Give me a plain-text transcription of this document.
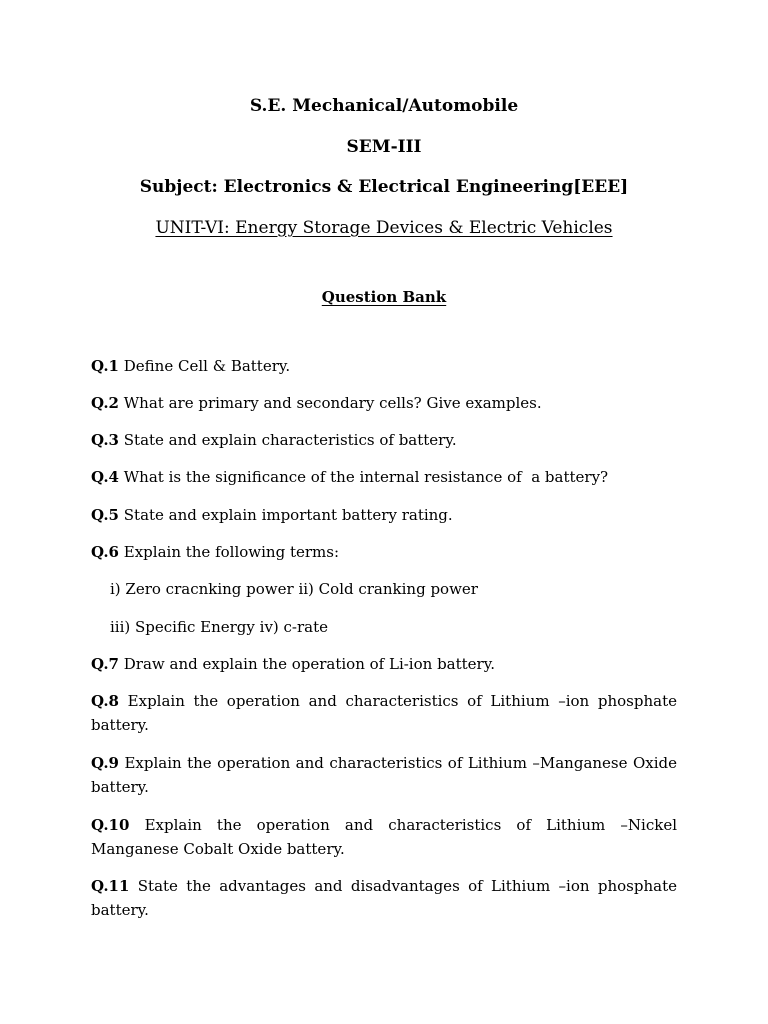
S.E. Mechanical/Automobile
SEM-III
Subject: Electronics & Electrical Engineering[EEE]
UNIT-VI: Energy Storage Devices & Electric Vehicles
Question Bank
Q.1 Define Cell & Battery.
Q.2 What are primary and secondary cells? Give examples.
Q.3 State and explain characteristics of battery.
Q.4 What is the significance of the internal resistance of  a battery?
Q.5 State and explain important battery rating.
Q.6 Explain the following terms:
i) Zero cracnking power ii) Cold cranking power
iii) Specific Energy iv) c-rate
Q.7 Draw and explain the operation of Li-ion battery.
Q.8 Explain the operation and characteristics of Lithium –ion phosphate battery.
Q.9 Explain the operation and characteristics of Lithium –Manganese Oxide battery.
Q.10 Explain the operation and characteristics of Lithium –Nickel Manganese Cobalt Oxide battery.
Q.11 State the advantages and disadvantages of Lithium –ion phosphate battery.
